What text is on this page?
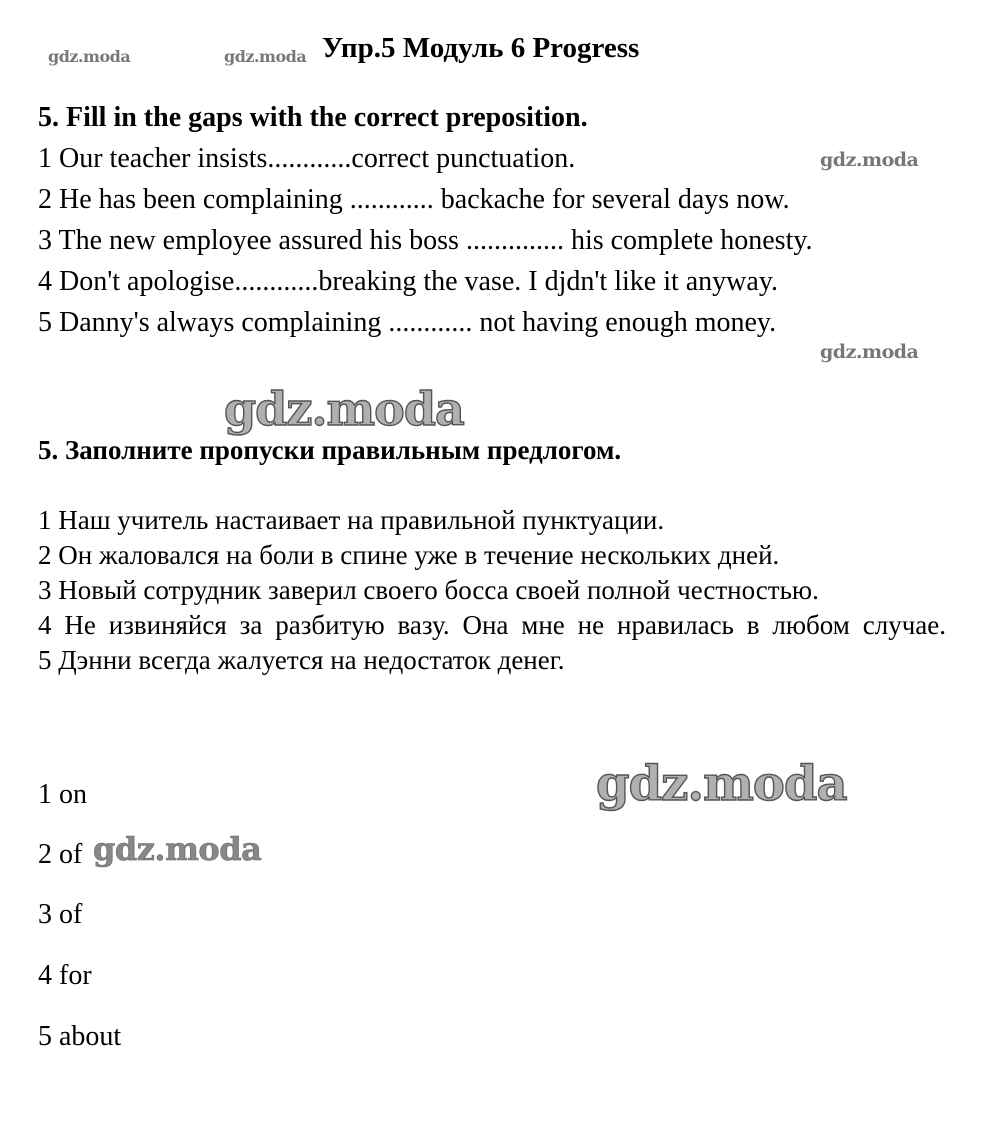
gdz.moda	gdz.moda
gdz.moda
gdz.moda
gdz.moda
gdz.moda
gdz.moda
Упр.5 Модуль 6 Progress
5. Fill in the gaps with the correct preposition.
1 Our teacher insists............correct punctuation.
2 He has been complaining ............ backache for several days now.
3 The new employee assured his boss .............. his complete honesty.
4 Don't apologise............breaking the vase. I djdn't like it anyway.
5 Danny's always complaining ............ not having enough money.
5. Заполните пропуски правильным предлогом.
1 Наш учитель настаивает на правильной пунктуации.
2 Он жаловался на боли в спине уже в течение нескольких дней.
3 Новый сотрудник заверил своего босса своей полной честностью.
4 Не извиняйся за разбитую вазу. Она мне не нравилась в любом случае.
5 Дэнни всегда жалуется на недостаток денег.
1 on
2 of
3 of
4 for
5 about
